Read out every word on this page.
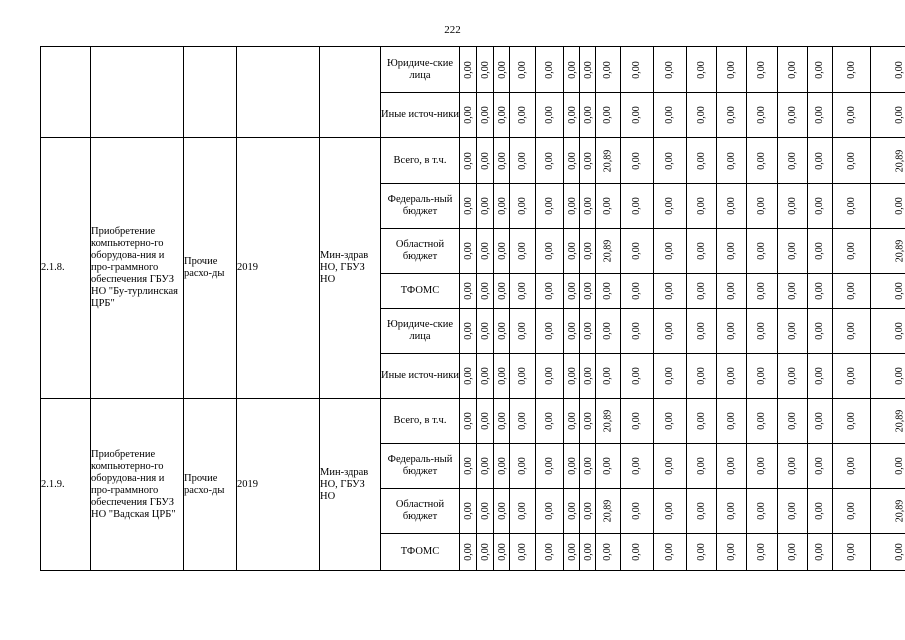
222
					Юридиче-ские лица	0,00	0,00	0,00	0,00	0,00	0,00	0,00	0,00	0,00	0,00	0,00	0,00	0,00	0,00	0,00	0,00	0,00
					Иные источ-ники	0,00	0,00	0,00	0,00	0,00	0,00	0,00	0,00	0,00	0,00	0,00	0,00	0,00	0,00	0,00	0,00	0,00
2.1.8.	Приобретение компьютерно-го оборудова-ния и про-граммного обеспечения ГБУЗ НО "Бу-турлинская ЦРБ"	Прочие расхо-ды	2019	Мин-здрав НО, ГБУЗ НО	Всего, в т.ч.	0,00	0,00	0,00	0,00	0,00	0,00	0,00	20,89	0,00	0,00	0,00	0,00	0,00	0,00	0,00	0,00	20,89
					Федераль-ный бюджет	0,00	0,00	0,00	0,00	0,00	0,00	0,00	0,00	0,00	0,00	0,00	0,00	0,00	0,00	0,00	0,00	0,00
					Областной бюджет	0,00	0,00	0,00	0,00	0,00	0,00	0,00	20,89	0,00	0,00	0,00	0,00	0,00	0,00	0,00	0,00	20,89
					ТФОМС	0,00	0,00	0,00	0,00	0,00	0,00	0,00	0,00	0,00	0,00	0,00	0,00	0,00	0,00	0,00	0,00	0,00
					Юридиче-ские лица	0,00	0,00	0,00	0,00	0,00	0,00	0,00	0,00	0,00	0,00	0,00	0,00	0,00	0,00	0,00	0,00	0,00
					Иные источ-ники	0,00	0,00	0,00	0,00	0,00	0,00	0,00	0,00	0,00	0,00	0,00	0,00	0,00	0,00	0,00	0,00	0,00
2.1.9.	Приобретение компьютерно-го оборудова-ния и про-граммного обеспечения ГБУЗ НО "Вадская ЦРБ"	Прочие расхо-ды	2019	Мин-здрав НО, ГБУЗ НО	Всего, в т.ч.	0,00	0,00	0,00	0,00	0,00	0,00	0,00	20,89	0,00	0,00	0,00	0,00	0,00	0,00	0,00	0,00	20,89
					Федераль-ный бюджет	0,00	0,00	0,00	0,00	0,00	0,00	0,00	0,00	0,00	0,00	0,00	0,00	0,00	0,00	0,00	0,00	0,00
					Областной бюджет	0,00	0,00	0,00	0,00	0,00	0,00	0,00	20,89	0,00	0,00	0,00	0,00	0,00	0,00	0,00	0,00	20,89
					ТФОМС	0,00	0,00	0,00	0,00	0,00	0,00	0,00	0,00	0,00	0,00	0,00	0,00	0,00	0,00	0,00	0,00	0,00
